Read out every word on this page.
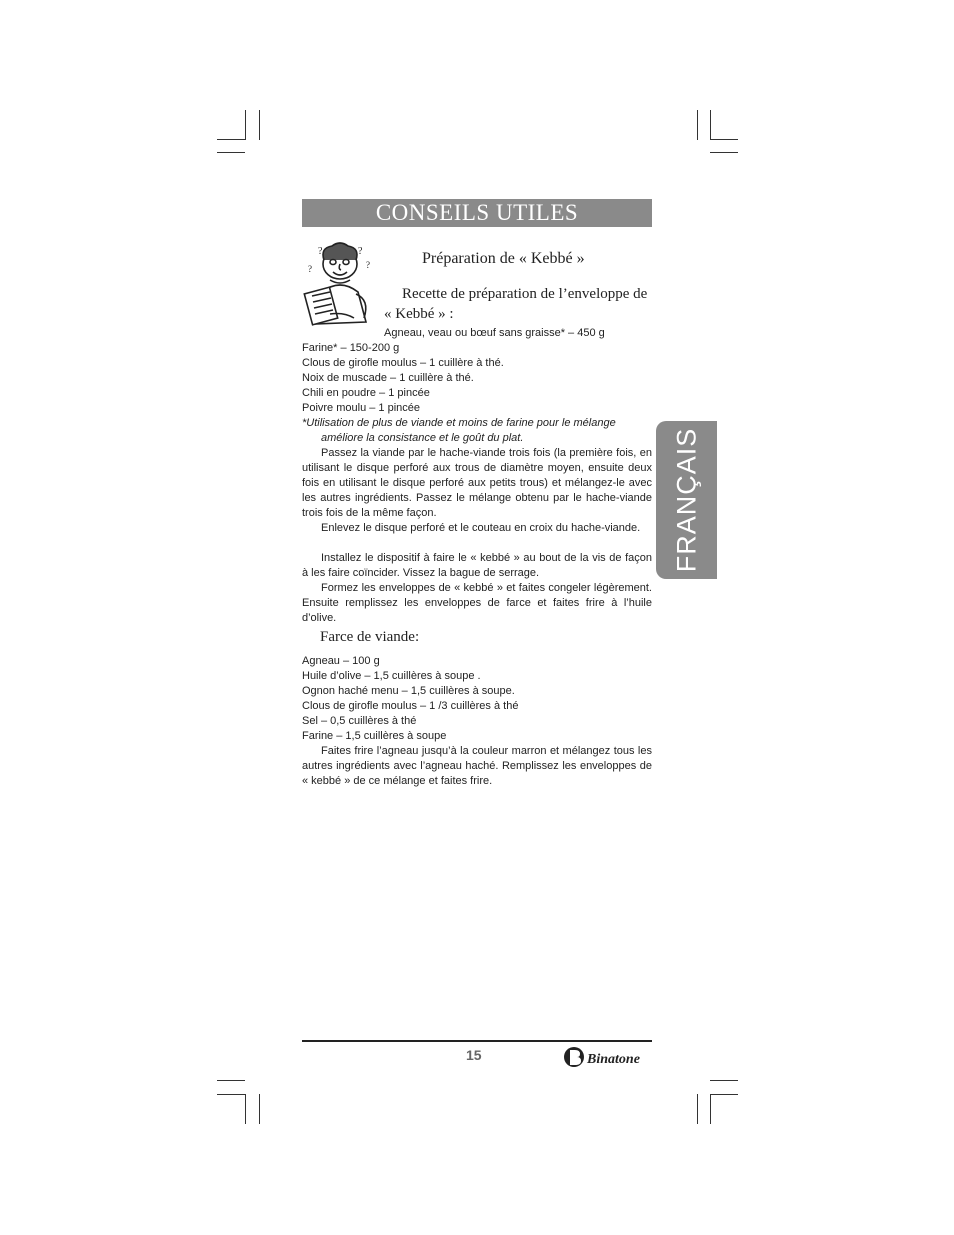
CONSEILS UTILES
FRANÇAIS
?	?
?
?
Préparation de « Kebbé »
Recette de préparation de l’enveloppe de « Kebbé » :
Agneau, veau ou bœuf sans graisse* – 450 g
Farine* – 150-200 g
Clous de girofle moulus – 1 cuillère à thé.
Noix de muscade – 1 cuillère à thé.
Chili en poudre – 1 pincée
Poivre moulu – 1 pincée
*Utilisation de plus de viande et moins de farine pour le mélange améliore la consistance et le goût du plat.
Passez la viande par le hache-viande trois fois (la première fois, en utilisant le disque perforé aux trous de diamètre moyen, ensuite deux fois en utilisant le disque perforé aux petits trous) et mélangez-le avec les autres ingrédients. Passez le mélange obtenu par le hache-viande trois fois de la même façon.
Enlevez le disque perforé et le couteau en croix du hache-viande.
Installez le dispositif à faire le « kebbé » au bout de la vis de façon à les faire coïncider. Vissez la bague de serrage.
Formez les enveloppes de « kebbé » et faites congeler légèrement. Ensuite remplissez les enveloppes de farce et faites frire à l’huile d’olive.
Farce de viande:
Agneau – 100 g
Huile d’olive – 1,5 cuillères à soupe .
Ognon haché menu – 1,5 cuillères à soupe.
Clous de girofle moulus – 1 /3 cuillères à thé
Sel – 0,5 cuillères à thé
Farine – 1,5 cuillères à soupe
Faites frire l’agneau jusqu’à la couleur marron et mélangez tous les autres ingrédients avec l’agneau haché. Remplissez les enveloppes de « kebbé » de ce mélange et faites frire.
15	Binatone
